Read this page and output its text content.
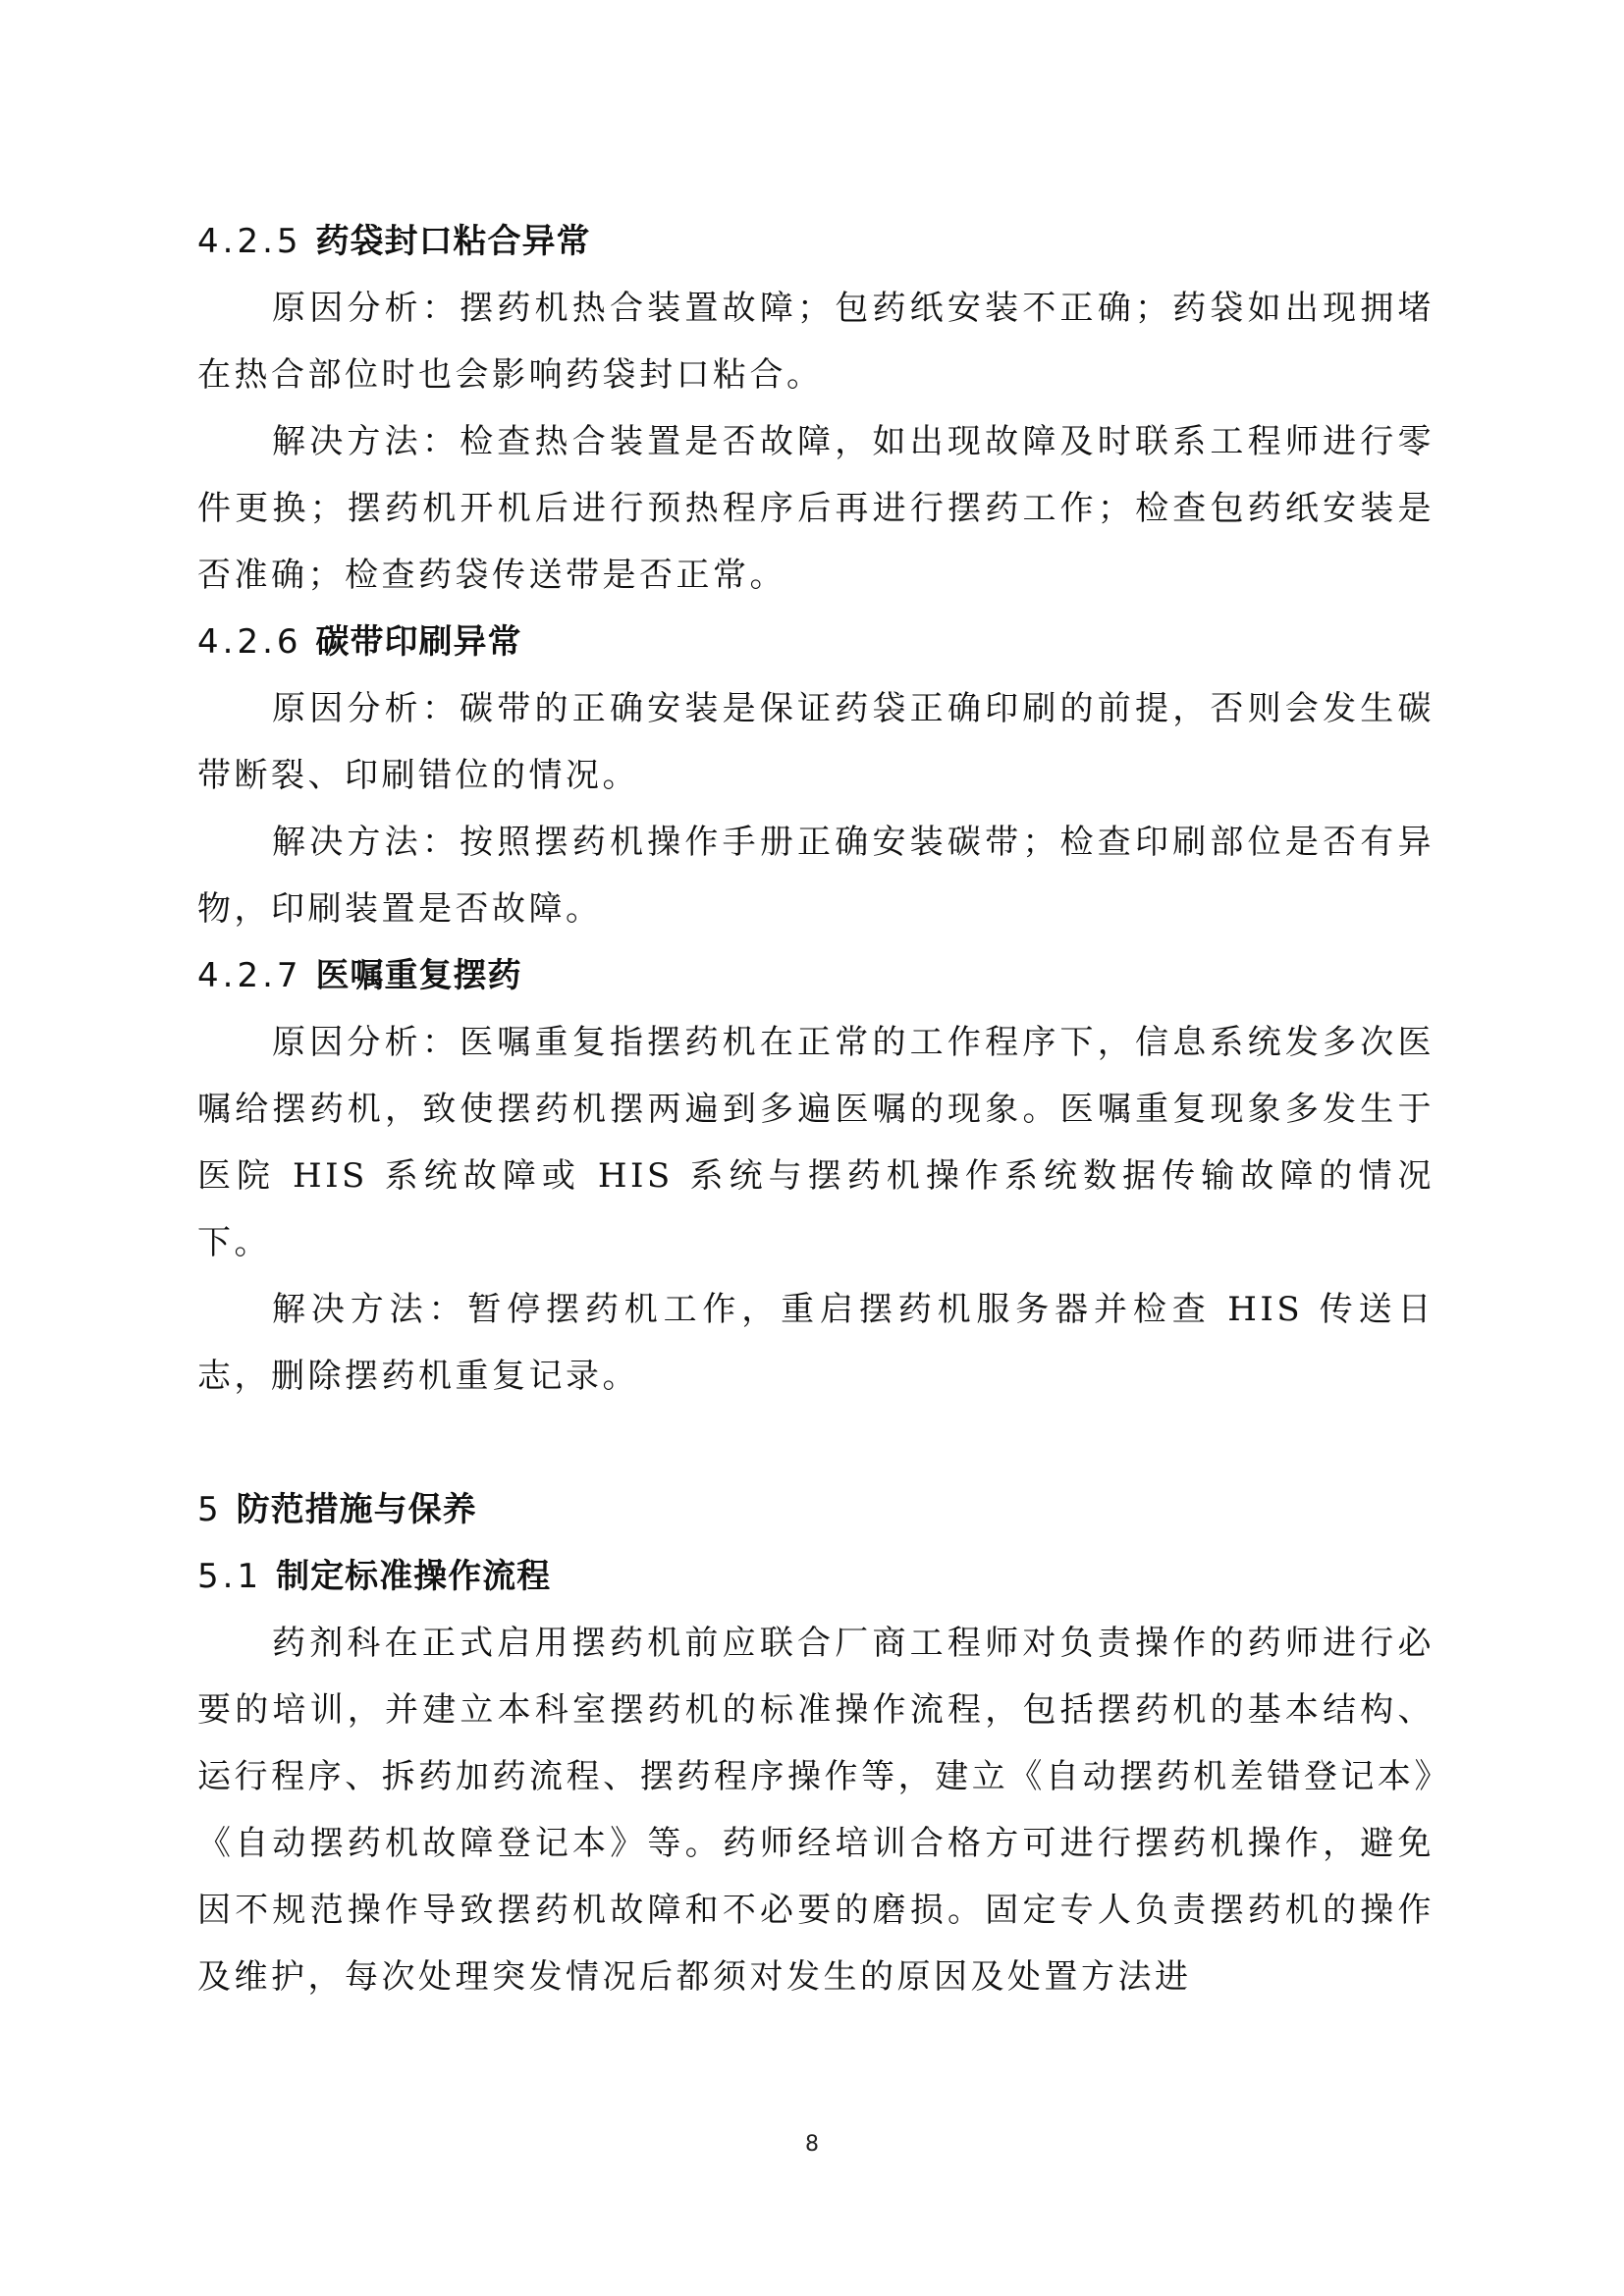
4.2.5 药袋封口粘合异常

原因分析：摆药机热合装置故障；包药纸安装不正确；药袋如出现拥堵在热合部位时也会影响药袋封口粘合。

解决方法：检查热合装置是否故障，如出现故障及时联系工程师进行零件更换；摆药机开机后进行预热程序后再进行摆药工作；检查包药纸安装是否准确；检查药袋传送带是否正常。

4.2.6 碳带印刷异常

原因分析：碳带的正确安装是保证药袋正确印刷的前提，否则会发生碳带断裂、印刷错位的情况。

解决方法：按照摆药机操作手册正确安装碳带；检查印刷部位是否有异物，印刷装置是否故障。

4.2.7 医嘱重复摆药

原因分析：医嘱重复指摆药机在正常的工作程序下，信息系统发多次医嘱给摆药机，致使摆药机摆两遍到多遍医嘱的现象。医嘱重复现象多发生于医院 HIS 系统故障或 HIS 系统与摆药机操作系统数据传输故障的情况下。

解决方法：暂停摆药机工作，重启摆药机服务器并检查 HIS 传送日志，删除摆药机重复记录。

5 防范措施与保养
5.1 制定标准操作流程

药剂科在正式启用摆药机前应联合厂商工程师对负责操作的药师进行必要的培训，并建立本科室摆药机的标准操作流程，包括摆药机的基本结构、运行程序、拆药加药流程、摆药程序操作等，建立《自动摆药机差错登记本》《自动摆药机故障登记本》等。药师经培训合格方可进行摆药机操作，避免因不规范操作导致摆药机故障和不必要的磨损。固定专人负责摆药机的操作及维护，每次处理突发情况后都须对发生的原因及处置方法进

8
